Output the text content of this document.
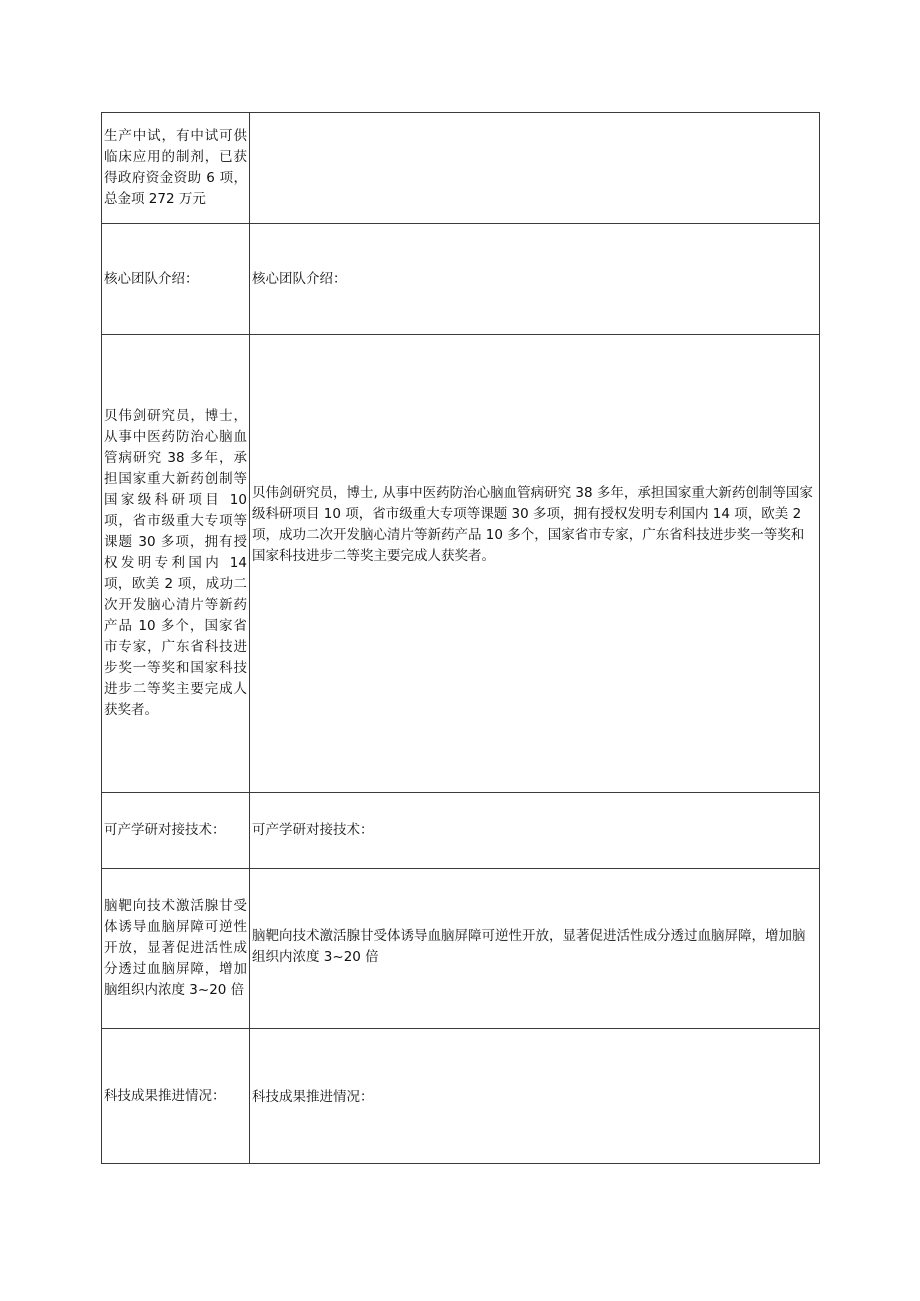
生产中试，有中试可供临床应用的制剂，已获得政府资金资助 6 项，总金项 272 万元	
核心团队介绍：	核心团队介绍：
贝伟剑研究员，博士，从事中医药防治心脑血管病研究 38 多年，承担国家重大新药创制等国家级科研项目 10 项，省市级重大专项等课题 30 多项，拥有授权发明专利国内 14 项，欧美 2 项，成功二次开发脑心清片等新药产品 10 多个，国家省市专家，广东省科技进步奖一等奖和国家科技进步二等奖主要完成人获奖者。	贝伟剑研究员，博士, 从事中医药防治心脑血管病研究 38 多年，承担国家重大新药创制等国家级科研项目 10 项，省市级重大专项等课题 30 多项，拥有授权发明专利国内 14 项，欧美 2 项，成功二次开发脑心清片等新药产品 10 多个，国家省市专家，广东省科技进步奖一等奖和国家科技进步二等奖主要完成人获奖者。
可产学研对接技术：	可产学研对接技术：
脑靶向技术激活腺甘受体诱导血脑屏障可逆性开放，显著促进活性成分透过血脑屏障，增加脑组织内浓度 3~20 倍	脑靶向技术激活腺甘受体诱导血脑屏障可逆性开放，显著促进活性成分透过血脑屏障，增加脑组织内浓度 3~20 倍
科技成果推进情况：	科技成果推进情况：
